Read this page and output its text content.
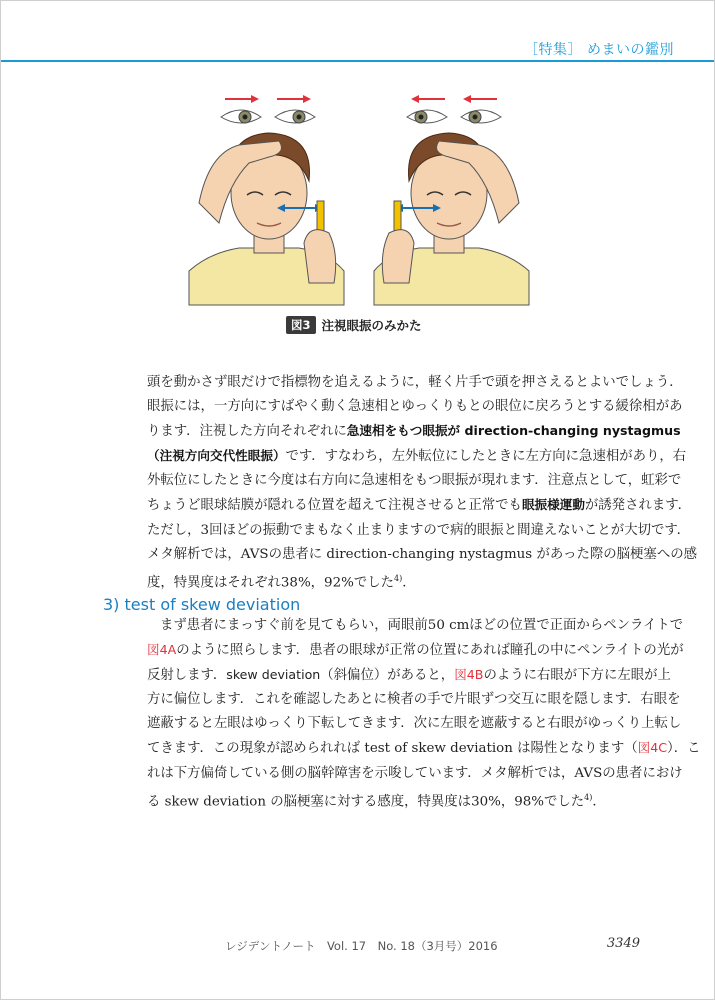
［特集］ めまいの鑑別
図3 注視眼振のみかた
頭を動かさず眼だけで指標物を追えるように，軽く片手で頭を押さえるとよいでしょう．
眼振には，一方向にすばやく動く急速相とゆっくりもとの眼位に戻ろうとする緩徐相があ
ります．注視した方向それぞれに急速相をもつ眼振が direction-changing nystagmus
（注視方向交代性眼振）です．すなわち，左外転位にしたときに左方向に急速相があり，右
外転位にしたときに今度は右方向に急速相をもつ眼振が現れます．注意点として，虹彩で
ちょうど眼球結膜が隠れる位置を超えて注視させると正常でも眼振様運動が誘発されます．
ただし，3回ほどの振動でまもなく止まりますので病的眼振と間違えないことが大切です．
メタ解析では，AVSの患者に direction-changing nystagmus があった際の脳梗塞への感
度，特異度はそれぞれ38%，92%でした$^{4)}$．
3) test of skew deviation
まず患者にまっすぐ前を見てもらい，両眼前50 cmほどの位置で正面からペンライトで
図4Aのように照らします．患者の眼球が正常の位置にあれば瞳孔の中にペンライトの光が
反射します．skew deviation（斜偏位）があると，図4Bのように右眼が下方に左眼が上
方に偏位します．これを確認したあとに検者の手で片眼ずつ交互に眼を隠します．右眼を
遮蔽すると左眼はゆっくり下転してきます．次に左眼を遮蔽すると右眼がゆっくり上転し
てきます．この現象が認められれば test of skew deviation は陽性となります（図4C）．こ
れは下方偏倚している側の脳幹障害を示唆しています．メタ解析では，AVSの患者におけ
る skew deviation の脳梗塞に対する感度，特異度は30%，98%でした$^{4)}$．
レジデントノート　Vol. 17　No. 18（3月号）2016	3349
